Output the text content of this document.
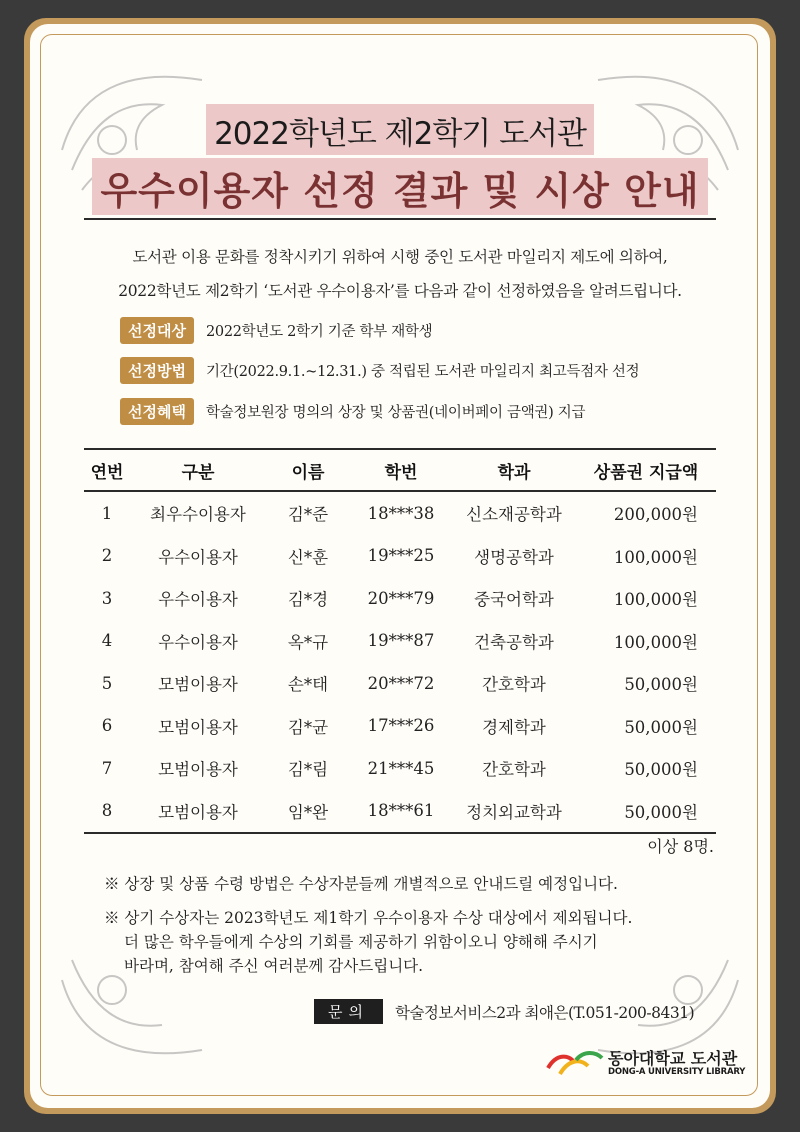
2022학년도 제2학기 도서관
우수이용자 선정 결과 및 시상 안내
도서관 이용 문화를 정착시키기 위하여 시행 중인 도서관 마일리지 제도에 의하여,
2022학년도 제2학기 ‘도서관 우수이용자’를 다음과 같이 선정하였음을 알려드립니다.
선정대상	2022학년도 2학기 기준 학부 재학생
선정방법	기간(2022.9.1.~12.31.) 중 적립된 도서관 마일리지 최고득점자 선정
선정혜택	학술정보원장 명의의 상장 및 상품권(네이버페이 금액권) 지급
연번	구분	이름	학번	학과	상품권 지급액
1	최우수이용자	김*준	18***38	신소재공학과	200,000원
2	우수이용자	신*훈	19***25	생명공학과	100,000원
3	우수이용자	김*경	20***79	중국어학과	100,000원
4	우수이용자	옥*규	19***87	건축공학과	100,000원
5	모범이용자	손*태	20***72	간호학과	50,000원
6	모범이용자	김*균	17***26	경제학과	50,000원
7	모범이용자	김*림	21***45	간호학과	50,000원
8	모범이용자	임*완	18***61	정치외교학과	50,000원
이상 8명.
※ 상장 및 상품 수령 방법은 수상자분들께 개별적으로 안내드릴 예정입니다.
※ 상기 수상자는 2023학년도 제1학기 우수이용자 수상 대상에서 제외됩니다.
더 많은 학우들에게 수상의 기회를 제공하기 위함이오니 양해해 주시기
바라며, 참여해 주신 여러분께 감사드립니다.
문의	학술정보서비스2과 최애은(T.051-200-8431)
동아대학교 도서관
DONG-A UNIVERSITY LIBRARY
